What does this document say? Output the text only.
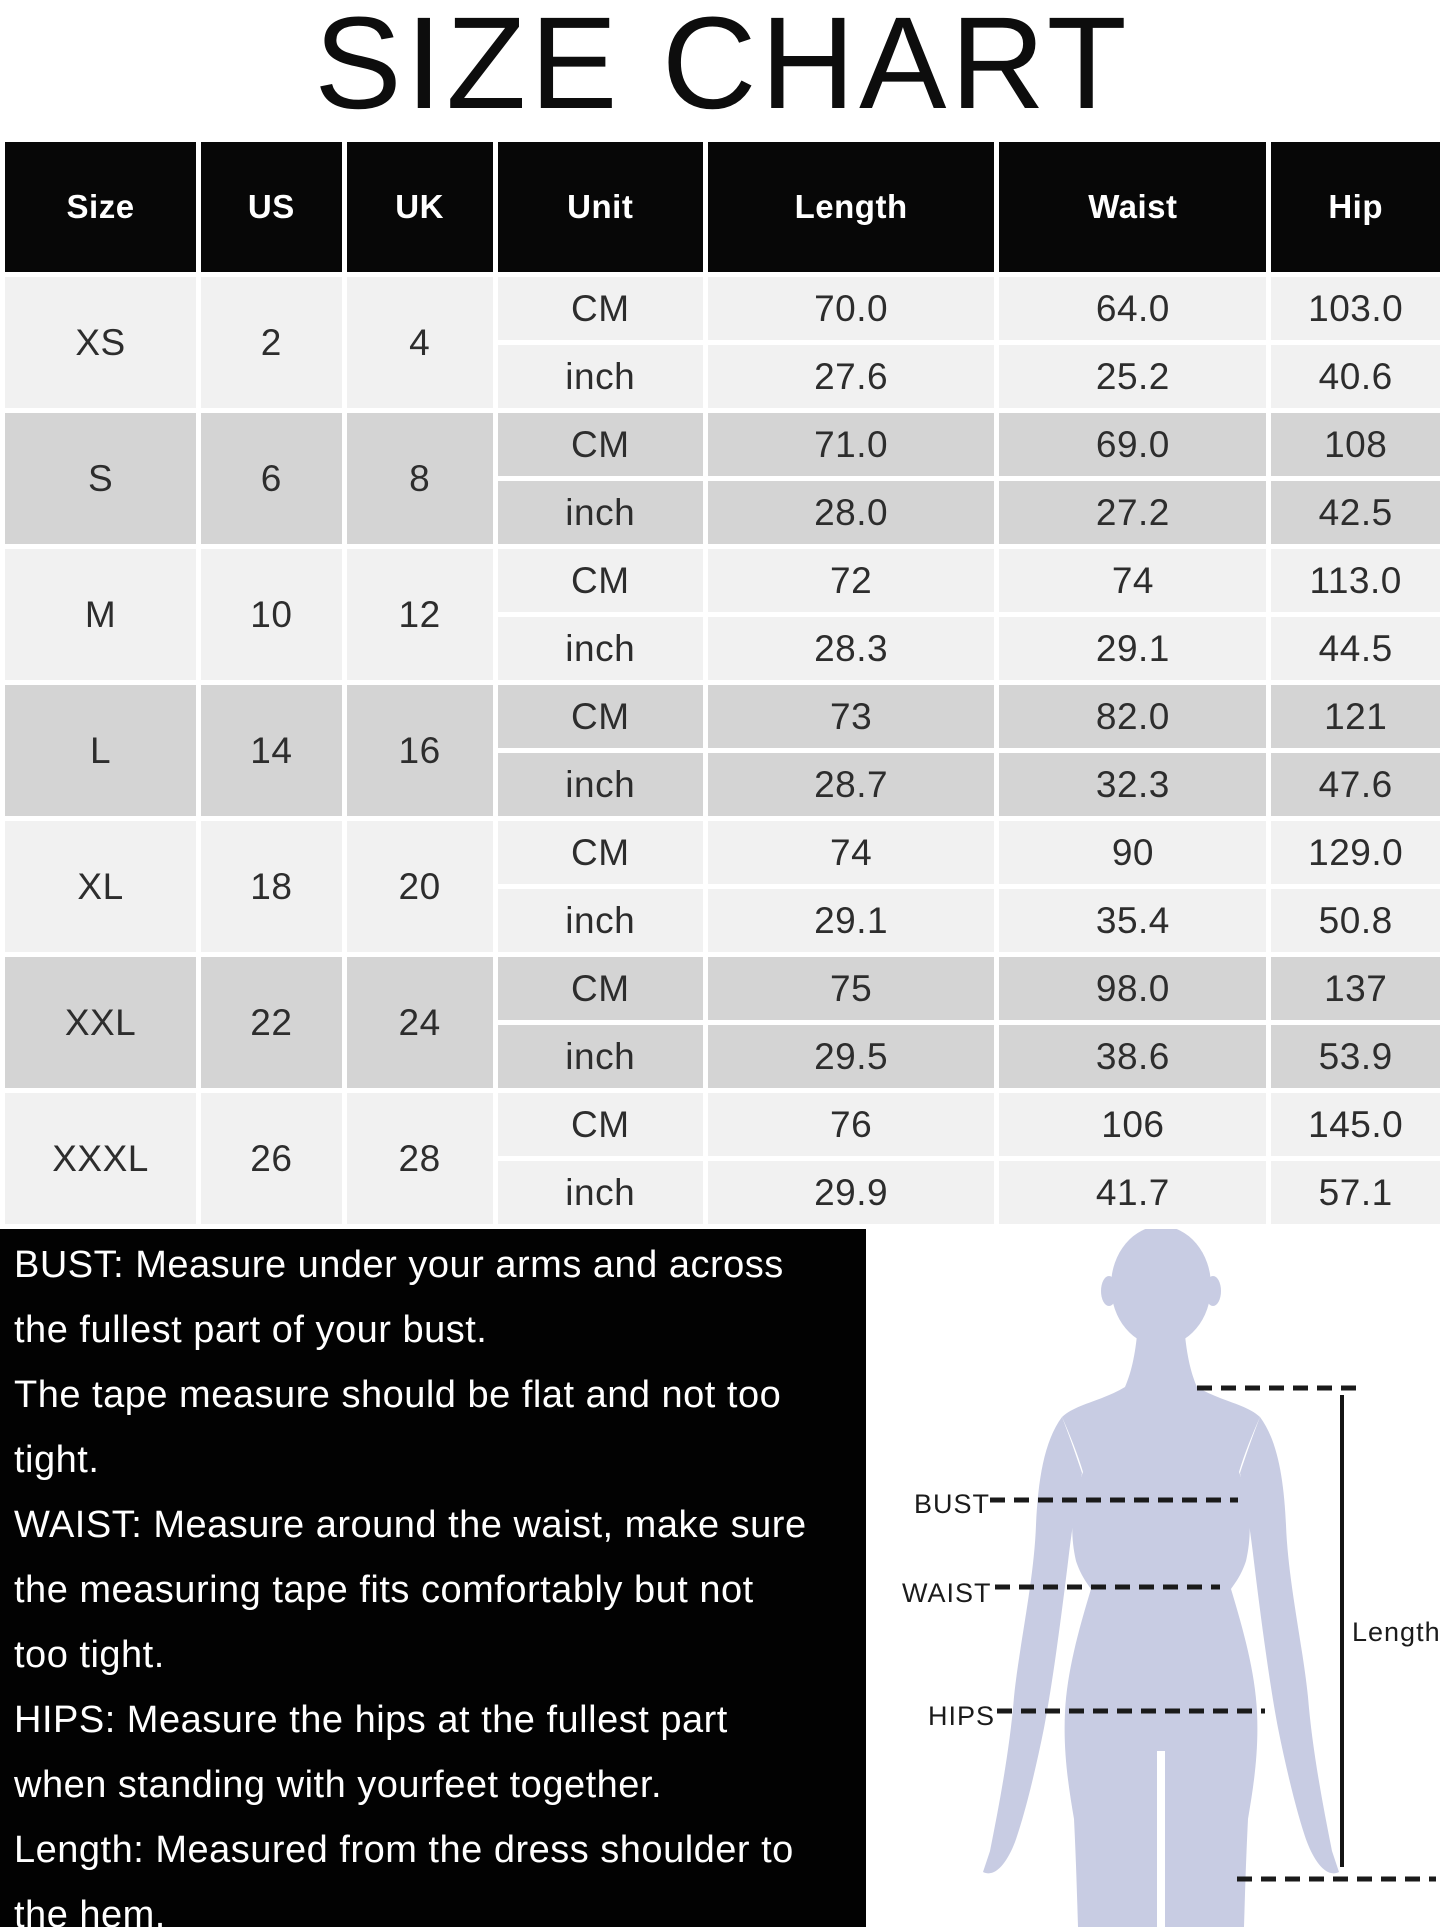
SIZE CHART
Size	US	UK	Unit	Length	Waist	Hip
XS	2	4	CM	70.0	64.0	103.0
			inch	27.6	25.2	40.6
S	6	8	CM	71.0	69.0	108
			inch	28.0	27.2	42.5
M	10	12	CM	72	74	113.0
			inch	28.3	29.1	44.5
L	14	16	CM	73	82.0	121
			inch	28.7	32.3	47.6
XL	18	20	CM	74	90	129.0
			inch	29.1	35.4	50.8
XXL	22	24	CM	75	98.0	137
			inch	29.5	38.6	53.9
XXXL	26	28	CM	76	106	145.0
			inch	29.9	41.7	57.1
BUST: Measure under your arms and across
the fullest part of your bust.
The tape measure should be flat and not too
tight.
WAIST: Measure around the waist, make sure
the measuring tape fits comfortably but not
too tight.
HIPS: Measure the hips at the fullest part
when standing with yourfeet together.
Length: Measured from the dress shoulder to
the hem.
BUST
WAIST
HIPS
Length
